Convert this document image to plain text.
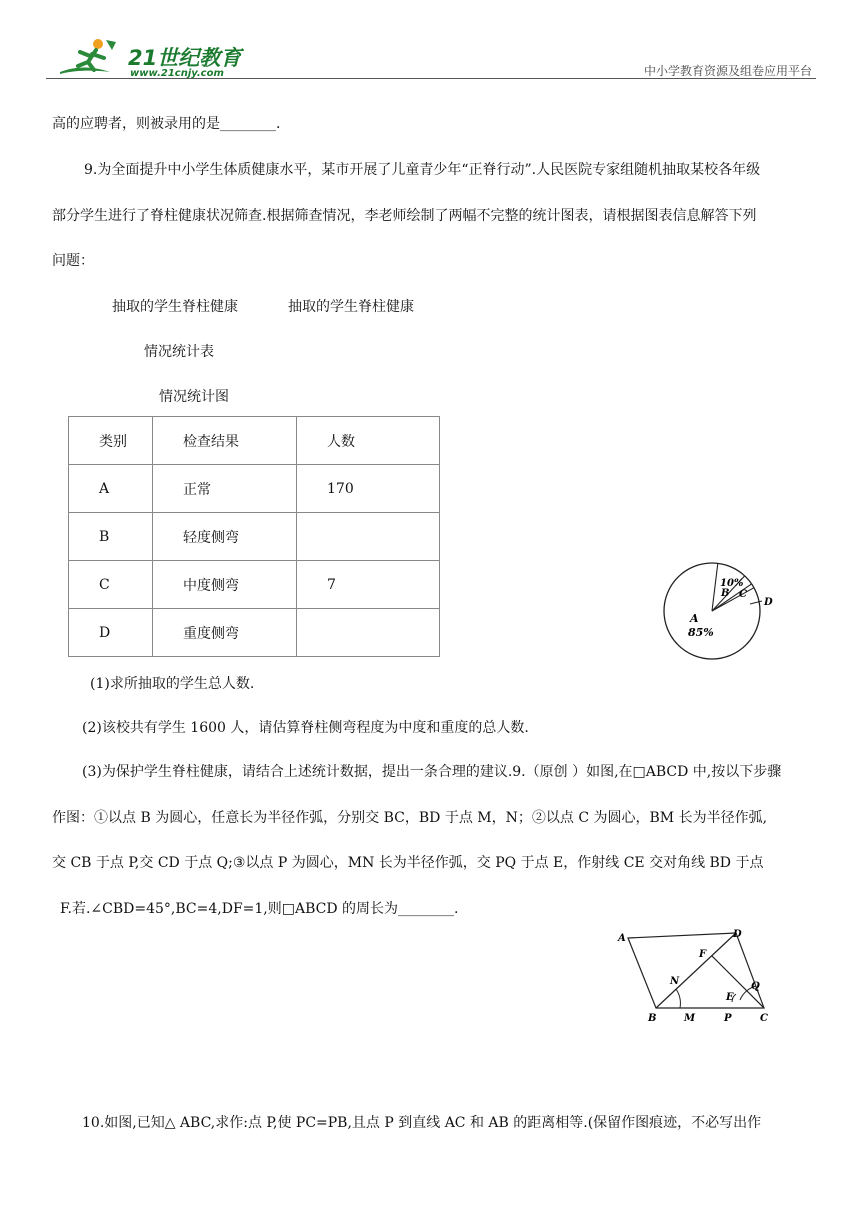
21世纪教育
www.21cnjy.com	中小学教育资源及组卷应用平台
高的应聘者，则被录用的是________.
9.为全面提升中小学生体质健康水平，某市开展了儿童青少年“正脊行动”.人民医院专家组随机抽取某校各年级
部分学生进行了脊柱健康状况筛查.根据筛查情况，李老师绘制了两幅不完整的统计图表，请根据图表信息解答下列
问题：
抽取的学生脊柱健康	抽取的学生脊柱健康
情况统计表
情况统计图
类别	检查结果	人数
A	正常	170
B	轻度侧弯	
C	中度侧弯	7
D	重度侧弯	
A
85%
B
10%
C
D
(1)求所抽取的学生总人数.
(2)该校共有学生 1600 人，请估算脊柱侧弯程度为中度和重度的总人数.
(3)为保护学生脊柱健康，请结合上述统计数据，提出一条合理的建议.9.（原创 ）如图,在□ABCD 中,按以下步骤
作图：①以点 B 为圆心，任意长为半径作弧，分别交 BC，BD 于点 M，N；②以点 C 为圆心，BM 长为半径作弧,
交 CB 于点 P,交 CD 于点 Q;③以点 P 为圆心，MN 长为半径作弧，交 PQ 于点 E，作射线 CE 交对角线 BD 于点
F.若.∠CBD=45°,BC=4,DF=1,则□ABCD 的周长为________.
A	D
F
N	Q
E
B	M	P	C
10.如图,已知△ ABC,求作:点 P,使 PC=PB,且点 P 到直线 AC 和 AB 的距离相等.(保留作图痕迹，不必写出作
